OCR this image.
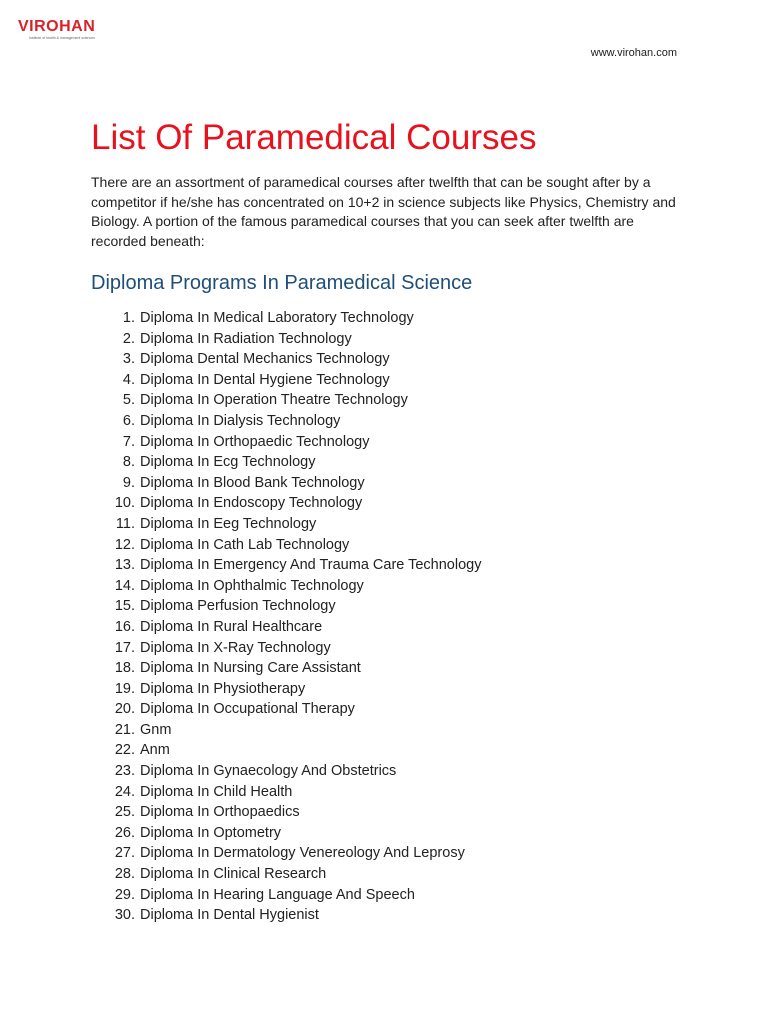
VIROHAN
Institute of health & management sciences
www.virohan.com
List Of Paramedical Courses

There are an assortment of paramedical courses after twelfth that can be sought after by a competitor if he/she has concentrated on 10+2 in science subjects like Physics, Chemistry and Biology. A portion of the famous paramedical courses that you can seek after twelfth are recorded beneath:

Diploma Programs In Paramedical Science
1. Diploma In Medical Laboratory Technology
2. Diploma In Radiation Technology
3. Diploma Dental Mechanics Technology
4. Diploma In Dental Hygiene Technology
5. Diploma In Operation Theatre Technology
6. Diploma In Dialysis Technology
7. Diploma In Orthopaedic Technology
8. Diploma In Ecg Technology
9. Diploma In Blood Bank Technology
10. Diploma In Endoscopy Technology
11. Diploma In Eeg Technology
12. Diploma In Cath Lab Technology
13. Diploma In Emergency And Trauma Care Technology
14. Diploma In Ophthalmic Technology
15. Diploma Perfusion Technology
16. Diploma In Rural Healthcare
17. Diploma In X-Ray Technology
18. Diploma In Nursing Care Assistant
19. Diploma In Physiotherapy
20. Diploma In Occupational Therapy
21. Gnm
22. Anm
23. Diploma In Gynaecology And Obstetrics
24. Diploma In Child Health
25. Diploma In Orthopaedics
26. Diploma In Optometry
27. Diploma In Dermatology Venereology And Leprosy
28. Diploma In Clinical Research
29. Diploma In Hearing Language And Speech
30. Diploma In Dental Hygienist
